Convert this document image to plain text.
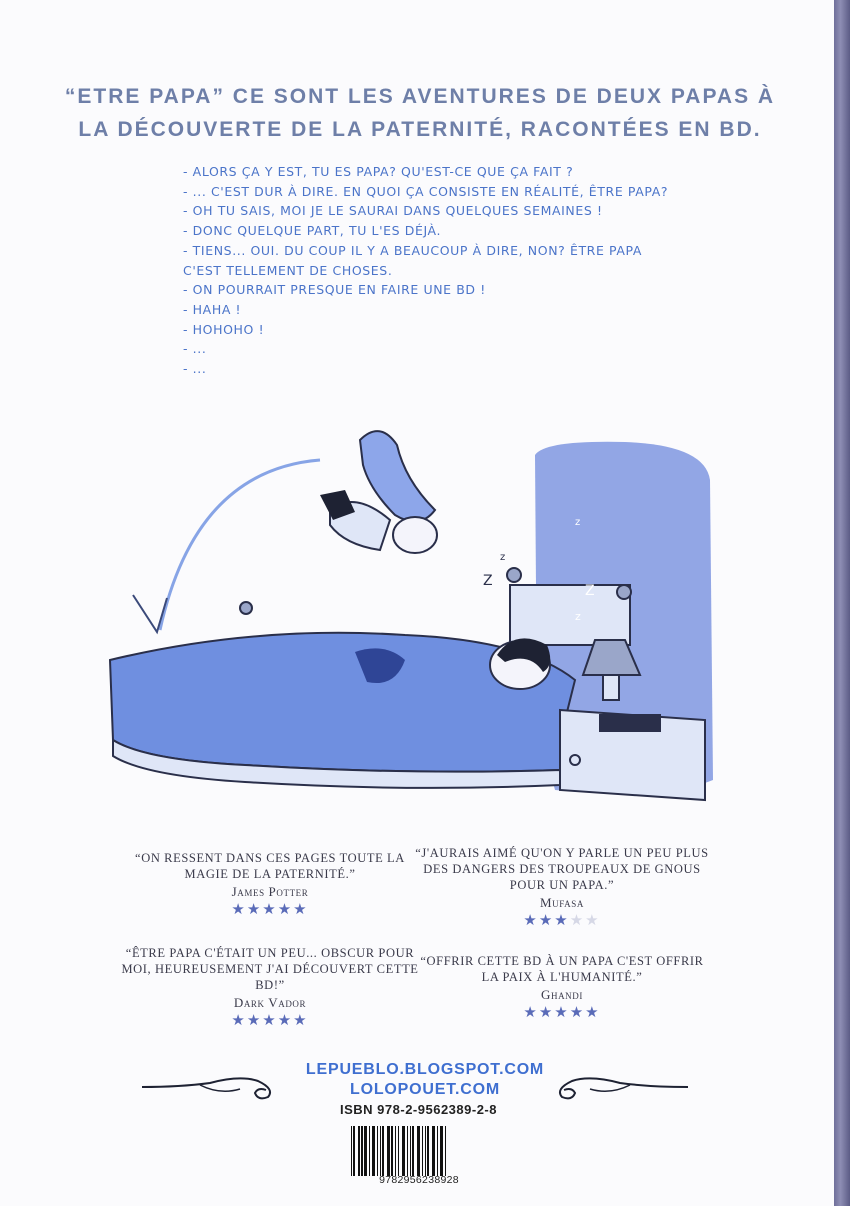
“ETRE PAPA” CE SONT LES AVENTURES DE DEUX PAPAS À
LA DÉCOUVERTE DE LA PATERNITÉ, RACONTÉES EN BD.
- ALORS ÇA Y EST, TU ES PAPA? QU'EST-CE QUE ÇA FAIT ?
- ... C'EST DUR À DIRE. EN QUOI ÇA CONSISTE EN RÉALITÉ, ÊTRE PAPA?
- OH TU SAIS, MOI JE LE SAURAI DANS QUELQUES SEMAINES !
- DONC QUELQUE PART, TU L'ES DÉJÀ.
- TIENS... OUI. DU COUP IL Y A BEAUCOUP À DIRE, NON? ÊTRE PAPA C'EST TELLEMENT DE CHOSES.
- ON POURRAIT PRESQUE EN FAIRE UNE BD !
- HAHA !
- HOHOHO !
- ...
- ...
z
z
Z
Z
z
“ON RESSENT DANS CES PAGES TOUTE LA MAGIE DE LA PATERNITÉ.”
James Potter
★★★★★
“J'AURAIS AIMÉ QU'ON Y PARLE UN PEU PLUS DES DANGERS DES TROUPEAUX DE GNOUS POUR UN PAPA.”
Mufasa
★★★★★
“ÊTRE PAPA C'ÉTAIT UN PEU... OBSCUR POUR MOI, HEUREUSEMENT J'AI DÉCOUVERT CETTE BD!”
Dark Vador
★★★★★
“OFFRIR CETTE BD À UN PAPA C'EST OFFRIR LA PAIX À L'HUMANITÉ.”
Ghandi
★★★★★
LEPUEBLO.BLOGSPOT.COM
LOLOPOUET.COM
ISBN 978-2-9562389-2-8
9782956238928
